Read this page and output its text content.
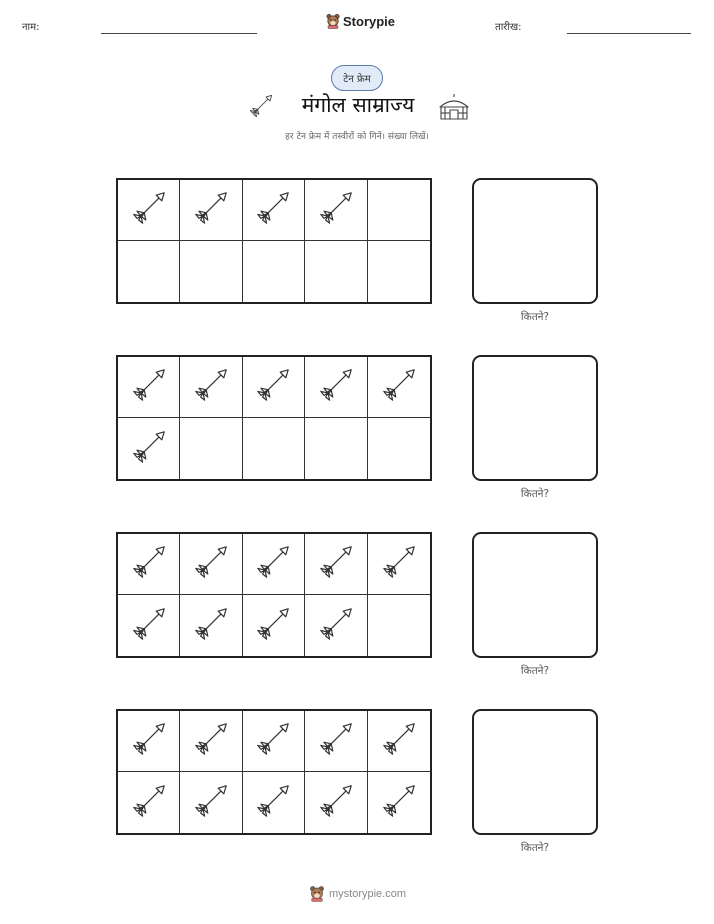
नाम:	Storypie	तारीख:
टेन फ्रेम
मंगोल साम्राज्य
हर टेन फ्रेम में तस्वीरों को गिनें। संख्या लिखें।
कितने?
कितने?
कितने?
कितने?
mystorypie.com
